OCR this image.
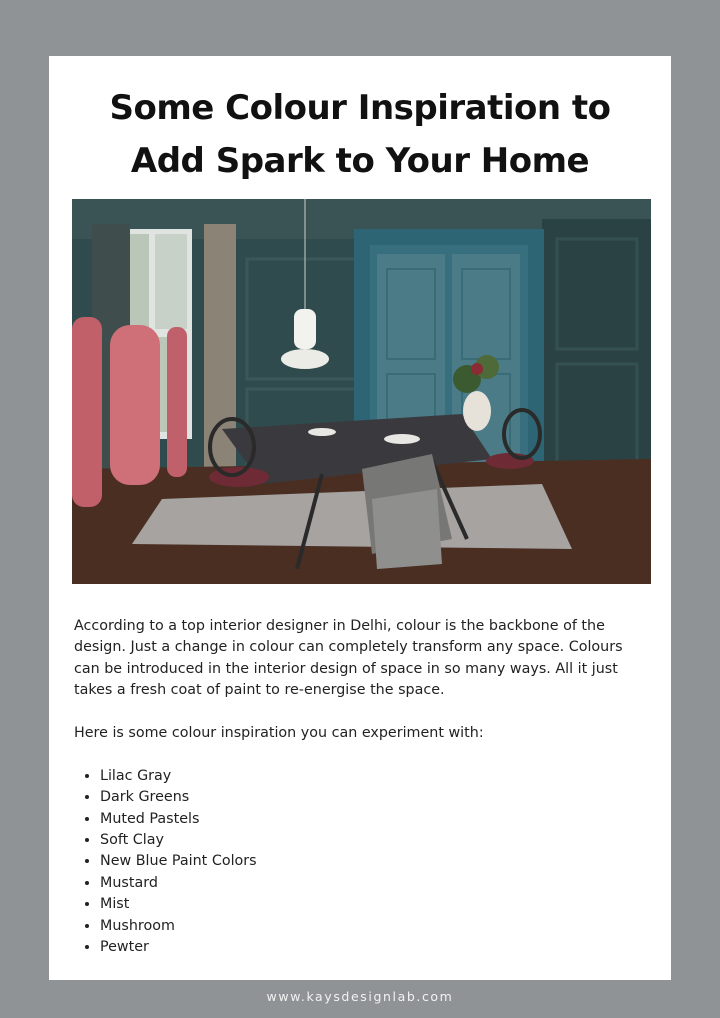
Some Colour Inspiration to
Add Spark to Your Home

According to a top interior designer in Delhi, colour is the backbone of the design. Just a change in colour can completely transform any space. Colours can be introduced in the interior design of space in so many ways. All it just takes a fresh coat of paint to re-energise the space.

Here is some colour inspiration you can experiment with:

• Lilac Gray
• Dark Greens
• Muted Pastels
• Soft Clay
• New Blue Paint Colors
• Mustard
• Mist
• Mushroom
• Pewter
www.kaysdesignlab.com
